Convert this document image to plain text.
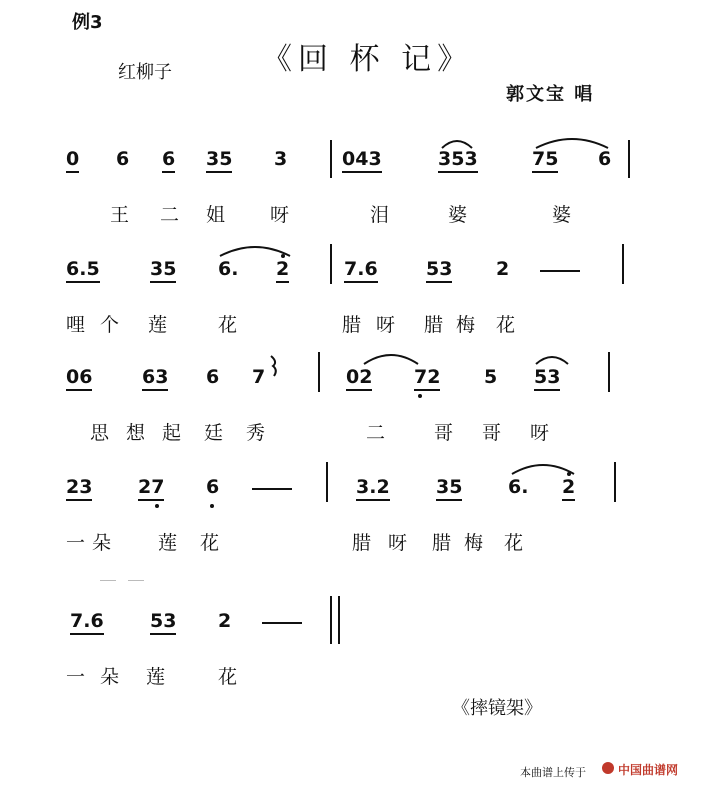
例3
红柳子	《回 杯 记》
郭文宝 唱
0 6 6 35 3	043	353	75 6
王 二 姐 呀	泪	婆	婆
6.5	35 6. 2	7.6	53 2
哩 个 莲	花	腊 呀 腊 梅 花
06	63 6 7	02 72 5 53
思 想 起 廷 秀	二	哥 哥 呀
23 27 6	3.2 35 6. 2
一 朵 莲 花	腊 呀 腊 梅 花
7.6 53 2
一 朵 莲	花
《摔镜架》
本曲谱上传于	中国曲谱网
